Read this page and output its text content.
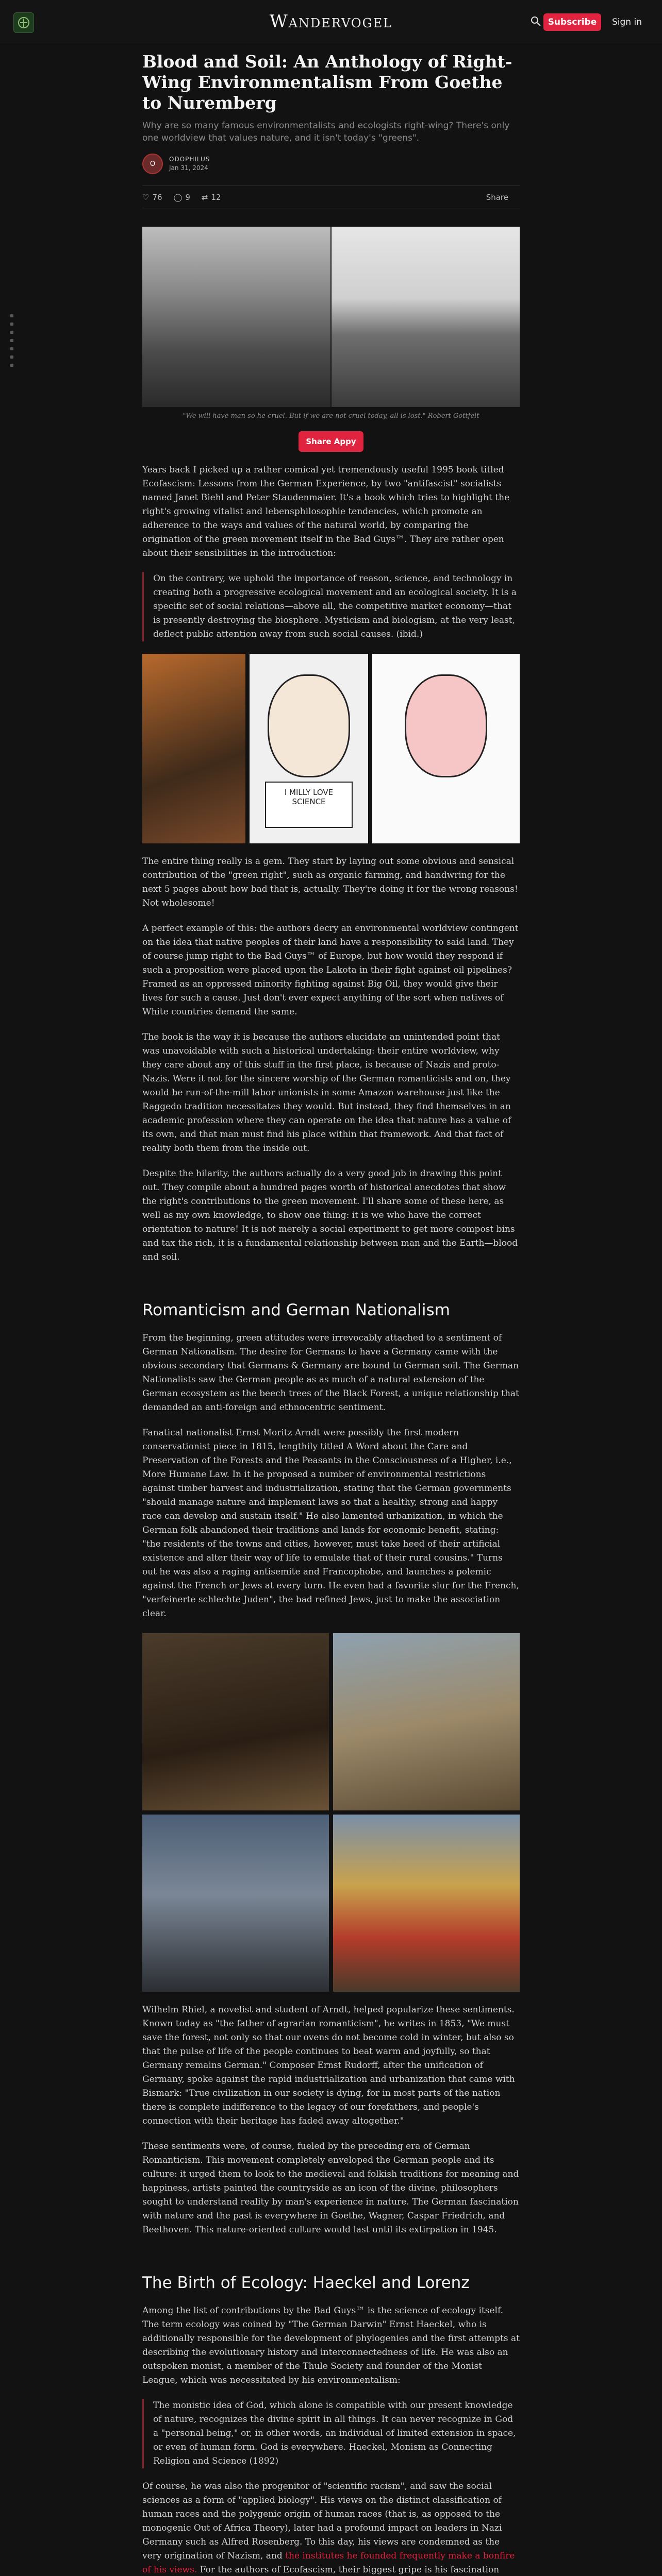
Wandervogel	Subscribe	Sign in
Blood and Soil: An Anthology of Right-Wing Environmentalism From Goethe to Nuremberg
Why are so many famous environmentalists and ecologists right-wing? There's only one worldview that values nature, and it isn't today's "greens".
O
ODOPHILUS
Jan 31, 2024
♡ 76 ◯ 9 ⇄ 12	Share
"We will have man so he cruel. But if we are not cruel today, all is lost." Robert Gottfelt
Share Appy

Years back I picked up a rather comical yet tremendously useful 1995 book titled Ecofascism: Lessons from the German Experience, by two "antifascist" socialists named Janet Biehl and Peter Staudenmaier. It's a book which tries to highlight the right's growing vitalist and lebensphilosophie tendencies, which promote an adherence to the ways and values of the natural world, by comparing the origination of the green movement itself in the Bad Guys™. They are rather open about their sensibilities in the introduction:

On the contrary, we uphold the importance of reason, science, and technology in creating both a progressive ecological movement and an ecological society. It is a specific set of social relations—above all, the competitive market economy—that is presently destroying the biosphere. Mysticism and biologism, at the very least, deflect public attention away from such social causes. (ibid.)
I MILLY LOVE SCIENCE

The entire thing really is a gem. They start by laying out some obvious and sensical contribution of the "green right", such as organic farming, and handwring for the next 5 pages about how bad that is, actually. They're doing it for the wrong reasons! Not wholesome!

A perfect example of this: the authors decry an environmental worldview contingent on the idea that native peoples of their land have a responsibility to said land. They of course jump right to the Bad Guys™ of Europe, but how would they respond if such a proposition were placed upon the Lakota in their fight against oil pipelines? Framed as an oppressed minority fighting against Big Oil, they would give their lives for such a cause. Just don't ever expect anything of the sort when natives of White countries demand the same.

The book is the way it is because the authors elucidate an unintended point that was unavoidable with such a historical undertaking: their entire worldview, why they care about any of this stuff in the first place, is because of Nazis and proto-Nazis. Were it not for the sincere worship of the German romanticists and on, they would be run-of-the-mill labor unionists in some Amazon warehouse just like the Raggedo tradition necessitates they would. But instead, they find themselves in an academic profession where they can operate on the idea that nature has a value of its own, and that man must find his place within that framework. And that fact of reality both them from the inside out.

Despite the hilarity, the authors actually do a very good job in drawing this point out. They compile about a hundred pages worth of historical anecdotes that show the right's contributions to the green movement. I'll share some of these here, as well as my own knowledge, to show one thing: it is we who have the correct orientation to nature! It is not merely a social experiment to get more compost bins and tax the rich, it is a fundamental relationship between man and the Earth—blood and soil.

Romanticism and German Nationalism

From the beginning, green attitudes were irrevocably attached to a sentiment of German Nationalism. The desire for Germans to have a Germany came with the obvious secondary that Germans & Germany are bound to German soil. The German Nationalists saw the German people as as much of a natural extension of the German ecosystem as the beech trees of the Black Forest, a unique relationship that demanded an anti-foreign and ethnocentric sentiment.

Fanatical nationalist Ernst Moritz Arndt were possibly the first modern conservationist piece in 1815, lengthily titled A Word about the Care and Preservation of the Forests and the Peasants in the Consciousness of a Higher, i.e., More Humane Law. In it he proposed a number of environmental restrictions against timber harvest and industrialization, stating that the German governments "should manage nature and implement laws so that a healthy, strong and happy race can develop and sustain itself." He also lamented urbanization, in which the German folk abandoned their traditions and lands for economic benefit, stating: "the residents of the towns and cities, however, must take heed of their artificial existence and alter their way of life to emulate that of their rural cousins." Turns out he was also a raging antisemite and Francophobe, and launches a polemic against the French or Jews at every turn. He even had a favorite slur for the French, "verfeinerte schlechte Juden", the bad refined Jews, just to make the association clear.

Wilhelm Rhiel, a novelist and student of Arndt, helped popularize these sentiments. Known today as "the father of agrarian romanticism", he writes in 1853, "We must save the forest, not only so that our ovens do not become cold in winter, but also so that the pulse of life of the people continues to beat warm and joyfully, so that Germany remains German." Composer Ernst Rudorff, after the unification of Germany, spoke against the rapid industrialization and urbanization that came with Bismark: "True civilization in our society is dying, for in most parts of the nation there is complete indifference to the legacy of our forefathers, and people's connection with their heritage has faded away altogether."

These sentiments were, of course, fueled by the preceding era of German Romanticism. This movement completely enveloped the German people and its culture: it urged them to look to the medieval and folkish traditions for meaning and happiness, artists painted the countryside as an icon of the divine, philosophers sought to understand reality by man's experience in nature. The German fascination with nature and the past is everywhere in Goethe, Wagner, Caspar Friedrich, and Beethoven. This nature-oriented culture would last until its extirpation in 1945.

The Birth of Ecology: Haeckel and Lorenz

Among the list of contributions by the Bad Guys™ is the science of ecology itself. The term ecology was coined by "The German Darwin" Ernst Haeckel, who is additionally responsible for the development of phylogenies and the first attempts at describing the evolutionary history and interconnectedness of life. He was also an outspoken monist, a member of the Thule Society and founder of the Monist League, which was necessitated by his environmentalism:

The monistic idea of God, which alone is compatible with our present knowledge of nature, recognizes the divine spirit in all things. It can never recognize in God a "personal being," or, in other words, an individual of limited extension in space, or even of human form. God is everywhere. Haeckel, Monism as Connecting Religion and Science (1892)

Of course, he was also the progenitor of "scientific racism", and saw the social sciences as a form of "applied biology". His views on the distinct classification of human races and the polygenic origin of human races (that is, as opposed to the monogenic Out of Africa Theory), later had a profound impact on leaders in Nazi Germany such as Alfred Rosenberg. To this day, his views are condemned as the very origination of Nazism, and the institutes he founded frequently make a bonfire of his views. For the authors of Ecofascism, their biggest gripe is his fascination
